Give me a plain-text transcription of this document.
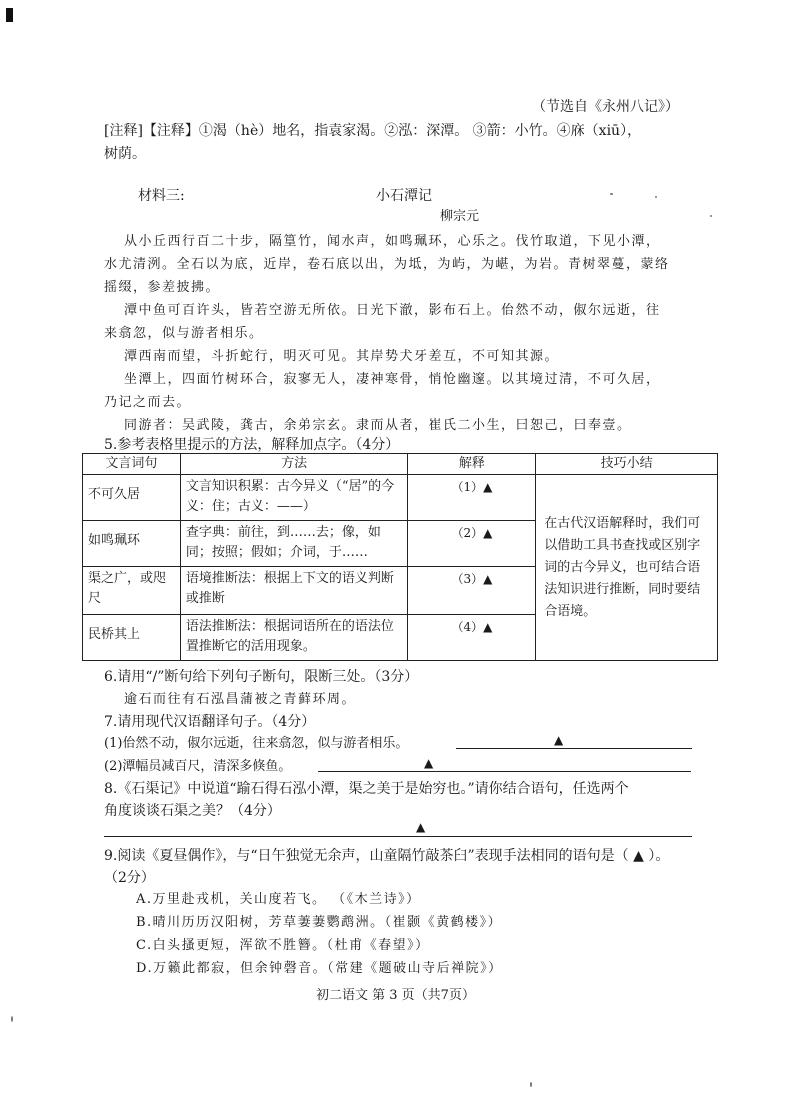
（节选自《永州八记》）
[注释]【注释】①渴（hè）地名，指袁家渴。②泓：深潭。 ③箭：小竹。④庥（xiū），
树荫。
材料三:	小石潭记
柳宗元
从小丘西行百二十步，隔篁竹，闻水声，如鸣珮环，心乐之。伐竹取道，下见小潭，
水尤清洌。全石以为底，近岸，卷石底以出，为坻，为屿，为嵁，为岩。青树翠蔓，蒙络
摇缀，参差披拂。
潭中鱼可百许头，皆若空游无所依。日光下澈，影布石上。佁然不动，俶尔远逝，往
来翕忽，似与游者相乐。
潭西南而望，斗折蛇行，明灭可见。其岸势犬牙差互，不可知其源。
坐潭上，四面竹树环合，寂寥无人，凄神寒骨，悄怆幽邃。以其境过清，不可久居，
乃记之而去。
同游者：吴武陵，龚古，余弟宗玄。隶而从者，崔氏二小生，曰恕己，曰奉壹。
5.参考表格里提示的方法，解释加点字。（4分）
文言词句	方法	解释	技巧小结
不可久居	文言知识积累：古今异义（“居”的今义：住；古义：——）	（1）▲	在古代汉语解释时，我们可以借助工具书查找或区别字词的古今异义，也可结合语法知识进行推断，同时要结合语境。
如鸣珮环	查字典：前往，到……去；像，如同；按照；假如；介词，于……	（2）▲	
渠之广，或咫尺	语境推断法：根据上下文的语义判断或推断	（3）▲	
民桥其上	语法推断法：根据词语所在的语法位置推断它的活用现象。	（4）▲	
6.请用“/”断句给下列句子断句，限断三处。（3分）
逾石而往有石泓昌蒲被之青藓环周。
7.请用现代汉语翻译句子。（4分）
(1)佁然不动，俶尔远逝，往来翕忽，似与游者相乐。	▲
(2)潭幅员减百尺，清深多倏鱼。	▲
8.《石渠记》中说道“踰石得石泓小潭，渠之美于是始穷也。”请你结合语句，任选两个
角度谈谈石渠之美？（4分）
▲
9.阅读《夏昼偶作》，与“日午独觉无余声，山童隔竹敲茶臼”表现手法相同的语句是（ ▲ ）。
（2分）
A.万里赴戎机，关山度若飞。 （《木兰诗》）
B.晴川历历汉阳树，芳草萋萋鹦鹉洲。（崔颢《黄鹤楼》）
C.白头搔更短，浑欲不胜簪。（杜甫《春望》）
D.万籁此都寂，但余钟磬音。（常建《题破山寺后禅院》）
初二语文 第 3 页（共7页）
